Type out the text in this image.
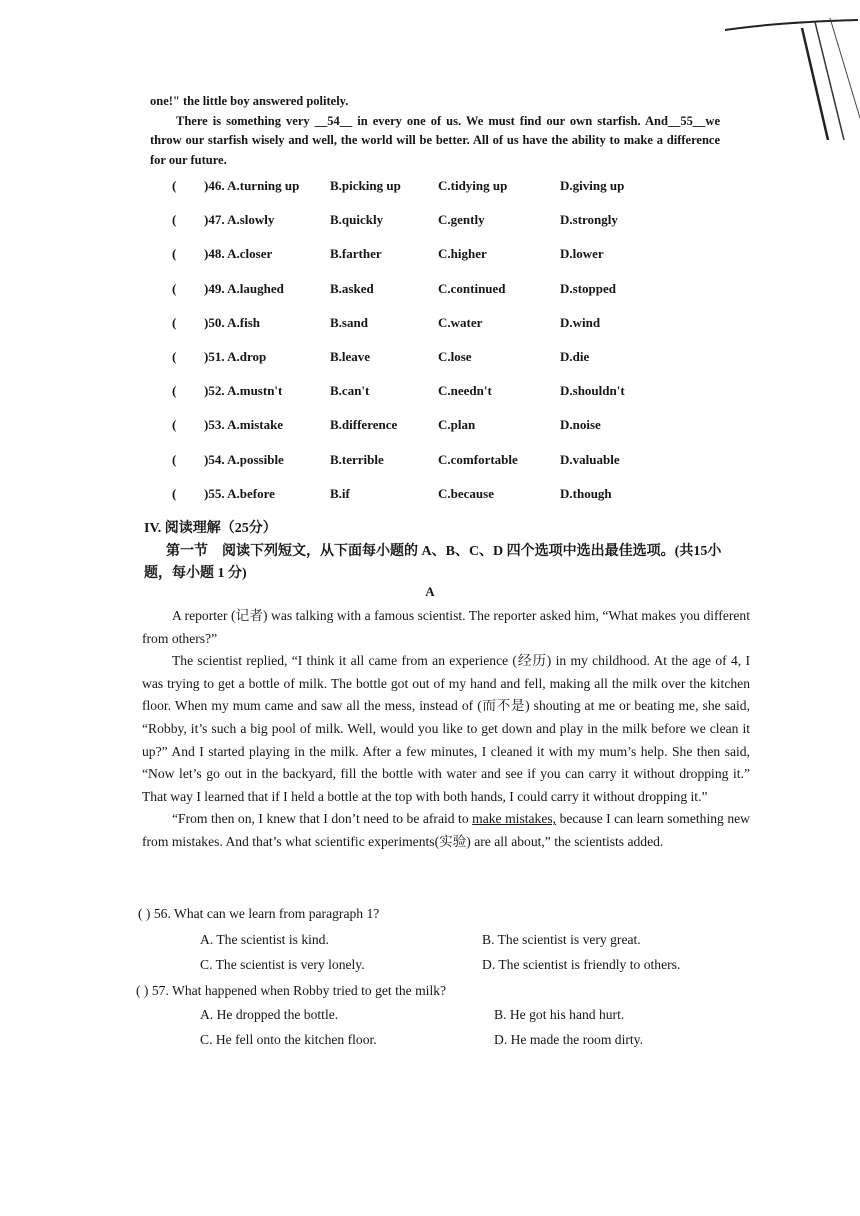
one!" the little boy answered politely.

There is something very __54__ in every one of us. We must find our own starfish. And__55__we throw our starfish wisely and well, the world will be better. All of us have the ability to make a difference for our future.

( )46. A.turning up B.picking up	C.tidying up	D.giving up
( )47. A.slowly	B.quickly	C.gently	D.strongly
( )48. A.closer	B.farther	C.higher	D.lower
( )49. A.laughed	B.asked	C.continued	D.stopped
( )50. A.fish	B.sand	C.water	D.wind
( )51. A.drop	B.leave	C.lose	D.die
( )52. A.mustn't	B.can't	C.needn't	D.shouldn't
( )53. A.mistake	B.difference	C.plan	D.noise
( )54. A.possible	B.terrible	C.comfortable	D.valuable
( )55. A.before	B.if	C.because	D.though
IV. 阅读理解（25分）
第一节 阅读下列短文，从下面每小题的 A、B、C、D 四个选项中选出最佳选项。(共15小题，每小题 1 分)
A

A reporter (记者) was talking with a famous scientist. The reporter asked him, “What makes you different from others?”

The scientist replied, “I think it all came from an experience (经历) in my childhood. At the age of 4, I was trying to get a bottle of milk. The bottle got out of my hand and fell, making all the milk over the kitchen floor. When my mum came and saw all the mess, instead of (而不是) shouting at me or beating me, she said, “Robby, it’s such a big pool of milk. Well, would you like to get down and play in the milk before we clean it up?” And I started playing in the milk. After a few minutes, I cleaned it with my mum’s help. She then said, “Now let’s go out in the backyard, fill the bottle with water and see if you can carry it without dropping it.” That way I learned that if I held a bottle at the top with both hands, I could carry it without dropping it.”

“From then on, I knew that I don’t need to be afraid to make mistakes, because I can learn something new from mistakes. And that’s what scientific experiments(实验) are all about,” the scientists added.

( ) 56. What can we learn from paragraph 1?
A. The scientist is kind.	B. The scientist is very great.
C. The scientist is very lonely.	D. The scientist is friendly to others.
( ) 57. What happened when Robby tried to get the milk?
A. He dropped the bottle.	B. He got his hand hurt.
C. He fell onto the kitchen floor.	D. He made the room dirty.
